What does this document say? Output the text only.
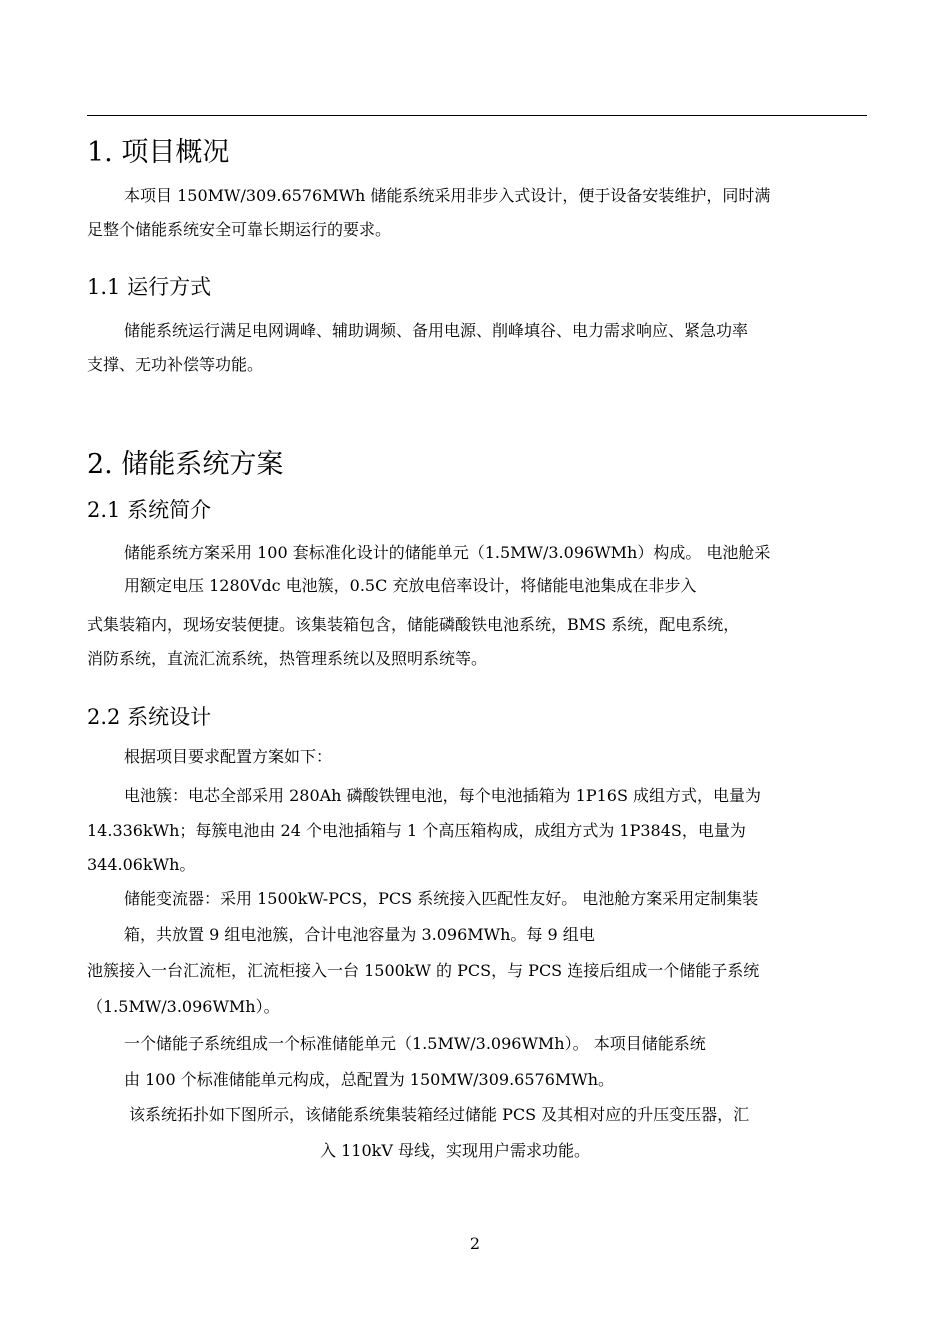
1. 项目概况

本项目 150MW/309.6576MWh 储能系统采用非步入式设计，便于设备安装维护，同时满

足整个储能系统安全可靠长期运行的要求。

1.1 运行方式

储能系统运行满足电网调峰、辅助调频、备用电源、削峰填谷、电力需求响应、紧急功率

支撑、无功补偿等功能。

2. 储能系统方案
2.1 系统简介

储能系统方案采用 100 套标准化设计的储能单元（1.5MW/3.096WMh）构成。 电池舱采

用额定电压 1280Vdc 电池簇，0.5C 充放电倍率设计，将储能电池集成在非步入

式集装箱内，现场安装便捷。该集装箱包含，储能磷酸铁电池系统，BMS 系统，配电系统，

消防系统，直流汇流系统，热管理系统以及照明系统等。

2.2 系统设计

根据项目要求配置方案如下：

电池簇：电芯全部采用 280Ah 磷酸铁锂电池，每个电池插箱为 1P16S 成组方式，电量为

14.336kWh；每簇电池由 24 个电池插箱与 1 个高压箱构成，成组方式为 1P384S，电量为

344.06kWh。

储能变流器：采用 1500kW-PCS，PCS 系统接入匹配性友好。 电池舱方案采用定制集装

箱，共放置 9 组电池簇，合计电池容量为 3.096MWh。每 9 组电

池簇接入一台汇流柜，汇流柜接入一台 1500kW 的 PCS，与 PCS 连接后组成一个储能子系统

（1.5MW/3.096WMh）。

一个储能子系统组成一个标准储能单元（1.5MW/3.096WMh）。 本项目储能系统

由 100 个标准储能单元构成，总配置为 150MW/309.6576MWh。

该系统拓扑如下图所示，该储能系统集装箱经过储能 PCS 及其相对应的升压变压器，汇

入 110kV 母线，实现用户需求功能。

2
